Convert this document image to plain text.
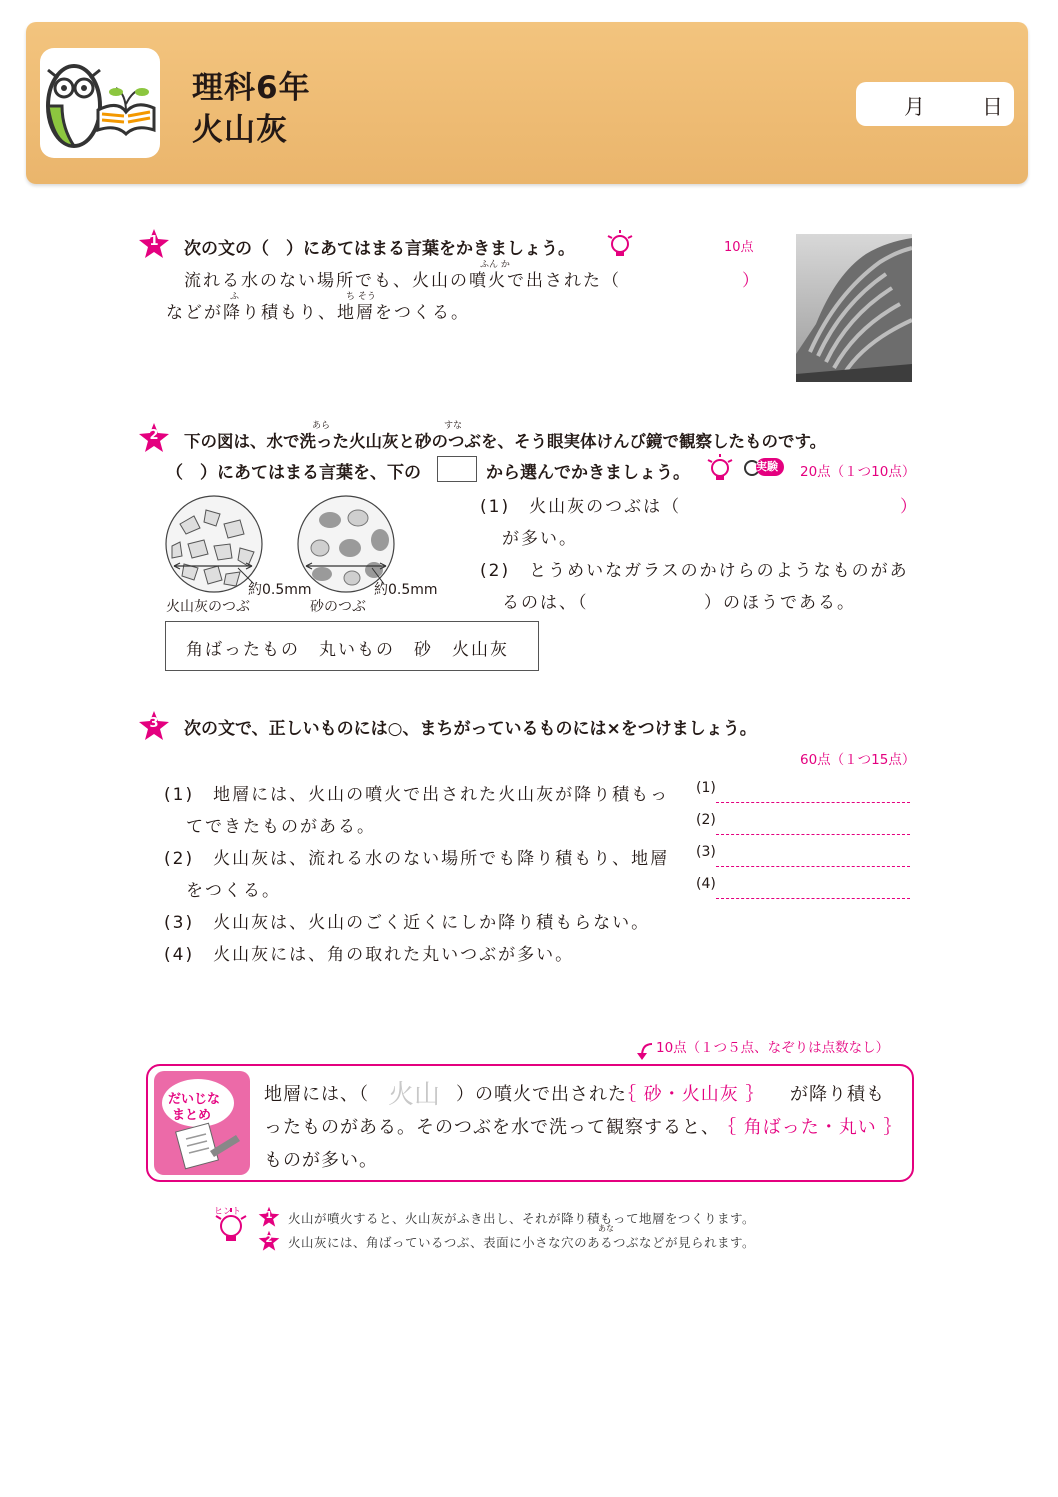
理科6年
火山灰
月	日
1 次の文の（　）にあてはまる言葉をかきましょう。	10点
ふん か
流れる水のない場所でも、火山の噴火で出された（	）
ふ	ち そう
などが降り積もり、地層をつくる。
2
あら	すな
下の図は、水で洗った火山灰と砂のつぶを、そう眼実体けんび鏡で観察したものです。
（　）にあてはまる言葉を、下の	から選んでかきましょう。	実験 20点（１つ10点）
約0.5mm
火山灰のつぶ
約0.5mm
砂のつぶ
(1)　火山灰のつぶは（	）
が多い。
(2)　とうめいなガラスのかけらのようなものがあ
るのは、（	）のほうである。
角ばったもの　丸いもの　砂　火山灰
3 次の文で、正しいものには○、まちがっているものには×をつけましょう。
60点（１つ15点）
(1)　地層には、火山の噴火で出された火山灰が降り積もっ
てできたものがある。
(2)　火山灰は、流れる水のない場所でも降り積もり、地層
をつくる。
(3)　火山灰は、火山のごく近くにしか降り積もらない。
(4)　火山灰には、角の取れた丸いつぶが多い。
(1)
(2)
(3)
(4)
10点（１つ５点、なぞりは点数なし）
だいじな
まとめ
地層には、（ 火山 ）の噴火で出された
｛ 砂・火山灰 ｝ が降り積も
ったものがある。そのつぶを水で洗って観察すると、
｛ 角ばった・丸い ｝
ものが多い。
ヒント 1 火山が噴火すると、火山灰がふき出し、それが降り積もって地層をつくります。
2
あな
火山灰には、角ばっているつぶ、表面に小さな穴のあるつぶなどが見られます。
